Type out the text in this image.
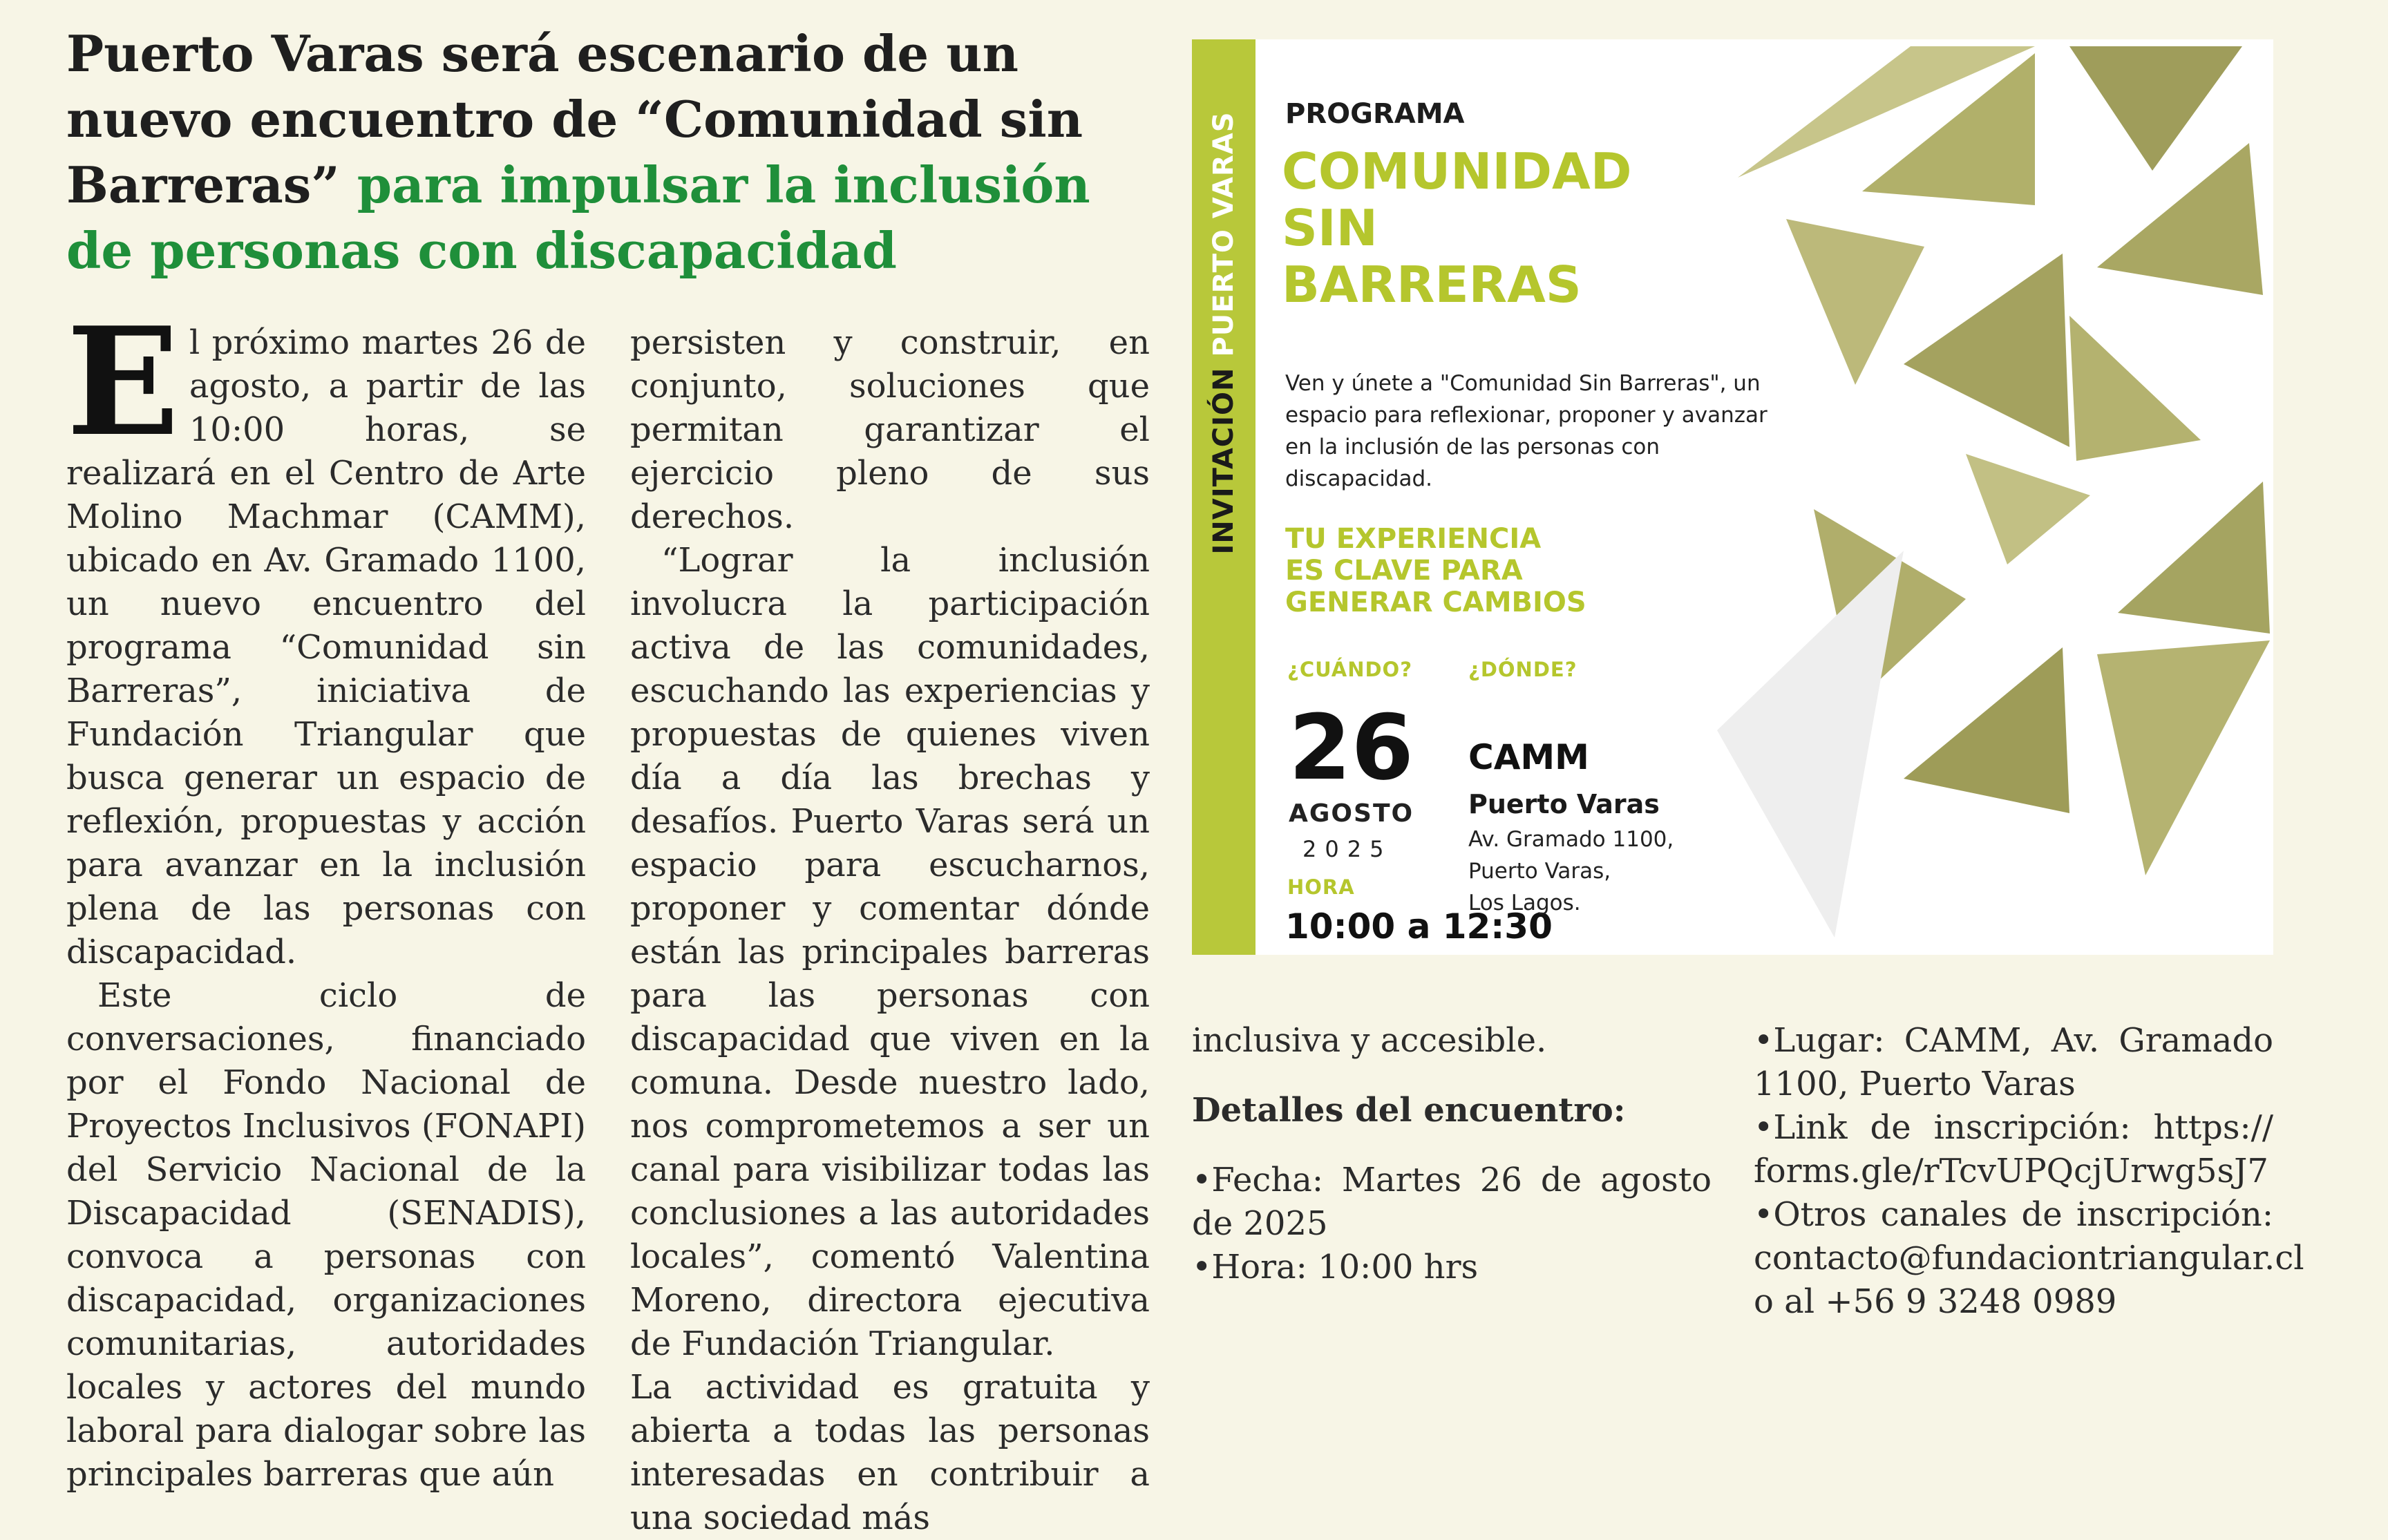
Puerto Varas será escenario de un nuevo encuentro de “Comunidad sin Barreras” para impulsar la inclusión de personas con discapacidad

El próximo martes 26 de agosto, a partir de las 10:00 horas, se realizará en el Centro de Arte Molino Machmar (CAMM), ubicado en Av. Gramado 1100, un nuevo encuentro del programa “Comunidad sin Barreras”, iniciativa de Fundación Triangular que busca generar un espacio de reflexión, propuestas y acción para avanzar en la inclusión plena de las personas con discapacidad.

Este ciclo de conversaciones, financiado por el Fondo Nacional de Proyectos Inclusivos (FONAPI) del Servicio Nacional de la Discapacidad (SENADIS), convoca a personas con discapacidad, organizaciones comunitarias, autoridades locales y actores del mundo laboral para dialogar sobre las principales barreras que aún

persisten y construir, en conjunto, soluciones que permitan garantizar el ejercicio pleno de sus derechos.

“Lograr la inclusión involucra la participación activa de las comunidades, escuchando las experiencias y propuestas de quienes viven día a día las brechas y desafíos. Puerto Varas será un espacio para escucharnos, proponer y comentar dónde están las principales barreras para las personas con discapacidad que viven en la comuna. Desde nuestro lado, nos comprometemos a ser un canal para visibilizar todas las conclusiones a las autoridades locales”, comentó Valentina Moreno, directora ejecutiva de Fundación Triangular.

La actividad es gratuita y abierta a todas las personas interesadas en contribuir a una sociedad más

inclusiva y accesible.

Detalles del encuentro:

•Fecha: Martes 26 de agosto de 2025

•Hora: 10:00 hrs

•Lugar: CAMM, Av. Gramado 1100, Puerto Varas

•Link de inscripción: https:// forms.gle/rTcvUPQcjUrwg5sJ7

•Otros canales de inscripción: contacto@fundaciontriangular.cl o al +56 9 3248 0989

INVITACIÓN PUERTO VARAS PROGRAMA
COMUNIDAD
SIN
BARRERAS
Ven y únete a "Comunidad Sin Barreras", un espacio para reflexionar, proponer y avanzar en la inclusión de las personas con discapacidad.
TU EXPERIENCIA
ES CLAVE PARA
GENERAR CAMBIOS
¿CUÁNDO?	¿DÓNDE?
26
AGOSTO
2025
HORA
10:00 a 12:30
CAMM
Puerto Varas
Av. Gramado 1100,
Puerto Varas,
Los Lagos.
